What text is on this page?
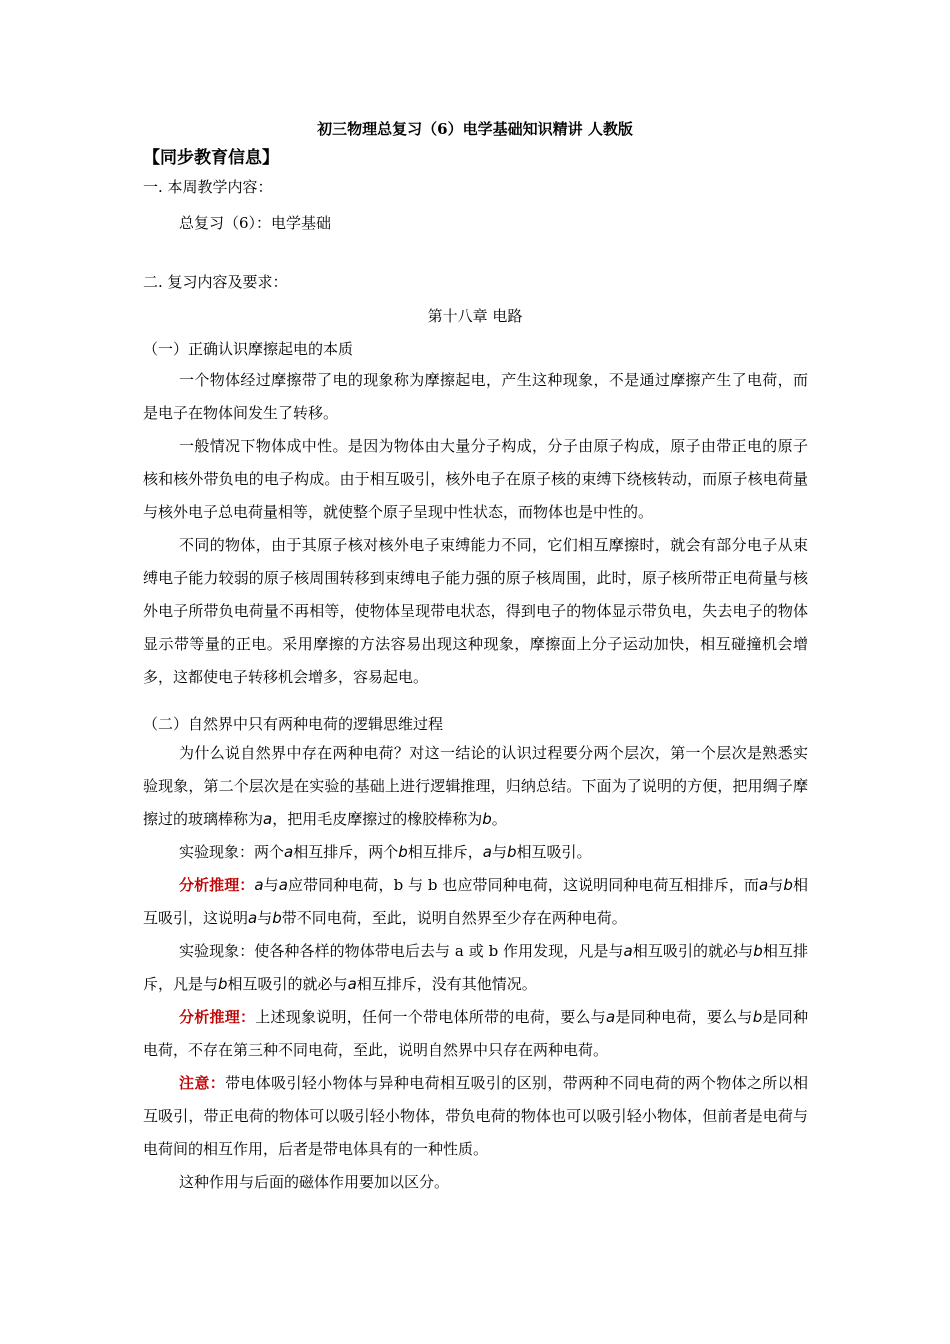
初三物理总复习（6）电学基础知识精讲 人教版
【同步教育信息】
一. 本周教学内容：
总复习（6）：电学基础
二. 复习内容及要求：
第十八章 电路
（一）正确认识摩擦起电的本质

一个物体经过摩擦带了电的现象称为摩擦起电，产生这种现象，不是通过摩擦产生了电荷，而是电子在物体间发生了转移。

一般情况下物体成中性。是因为物体由大量分子构成，分子由原子构成，原子由带正电的原子核和核外带负电的电子构成。由于相互吸引，核外电子在原子核的束缚下绕核转动，而原子核电荷量与核外电子总电荷量相等，就使整个原子呈现中性状态，而物体也是中性的。

不同的物体，由于其原子核对核外电子束缚能力不同，它们相互摩擦时，就会有部分电子从束缚电子能力较弱的原子核周围转移到束缚电子能力强的原子核周围，此时，原子核所带正电荷量与核外电子所带负电荷量不再相等，使物体呈现带电状态，得到电子的物体显示带负电，失去电子的物体显示带等量的正电。采用摩擦的方法容易出现这种现象，摩擦面上分子运动加快，相互碰撞机会增多，这都使电子转移机会增多，容易起电。

（二）自然界中只有两种电荷的逻辑思维过程

为什么说自然界中存在两种电荷？对这一结论的认识过程要分两个层次，第一个层次是熟悉实验现象，第二个层次是在实验的基础上进行逻辑推理，归纳总结。下面为了说明的方便，把用绸子摩擦过的玻璃棒称为a，把用毛皮摩擦过的橡胶棒称为b。

实验现象：两个a相互排斥，两个b相互排斥，a与b相互吸引。

分析推理：a与a应带同种电荷，b 与 b 也应带同种电荷，这说明同种电荷互相排斥，而a与b相互吸引，这说明a与b带不同电荷，至此，说明自然界至少存在两种电荷。

实验现象：使各种各样的物体带电后去与 a 或 b 作用发现，凡是与a相互吸引的就必与b相互排斥，凡是与b相互吸引的就必与a相互排斥，没有其他情况。

分析推理：上述现象说明，任何一个带电体所带的电荷，要么与a是同种电荷，要么与b是同种电荷，不存在第三种不同电荷，至此，说明自然界中只存在两种电荷。

注意：带电体吸引轻小物体与异种电荷相互吸引的区别，带两种不同电荷的两个物体之所以相互吸引，带正电荷的物体可以吸引轻小物体，带负电荷的物体也可以吸引轻小物体，但前者是电荷与电荷间的相互作用，后者是带电体具有的一种性质。

这种作用与后面的磁体作用要加以区分。
